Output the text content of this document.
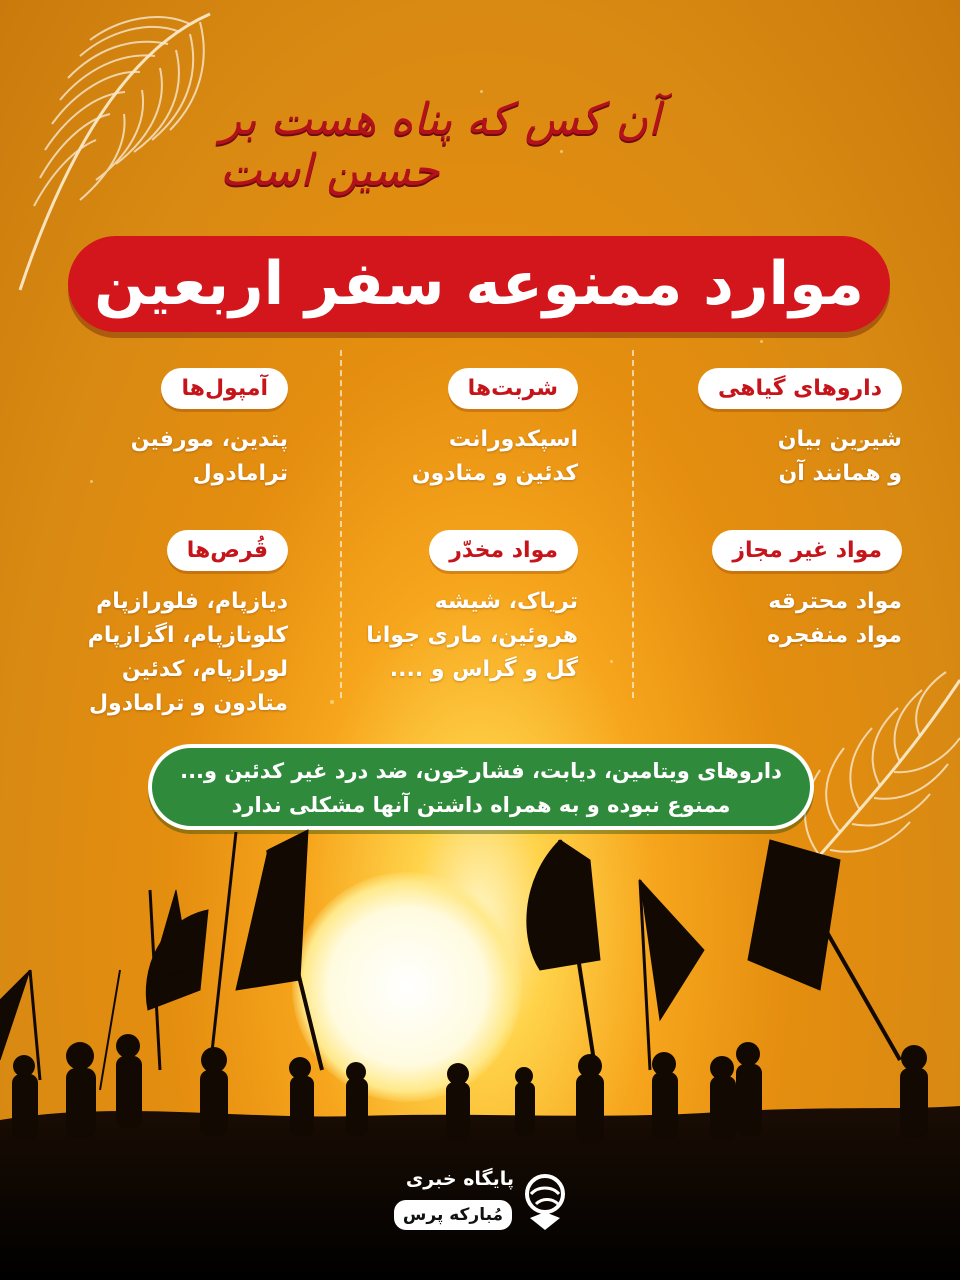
آن کس که پناه هست بر حسین است
موارد ممنوعه سفر اربعین
داروهای گیاهی
شیرین بیان
و همانند آن
مواد غیر مجاز
مواد محترقه
مواد منفجره
شربت‌ها
اسپکدورانت
کدئین و متادون
مواد مخدّر
تریاک، شیشه
هروئین، ماری جوانا
گل و گراس و ....
آمپول‌ها
پتدین، مورفین
ترامادول
قُرص‌ها
دیازپام، فلورازپام
کلونازپام، اگزازپام
لورازپام، کدئین
متادون و ترامادول
داروهای ویتامین، دیابت، فشارخون، ضد درد غیر کدئین و...
ممنوع نبوده و به همراه داشتن آنها مشکلی ندارد
پایگاه خبری
مُبارکه پرس
